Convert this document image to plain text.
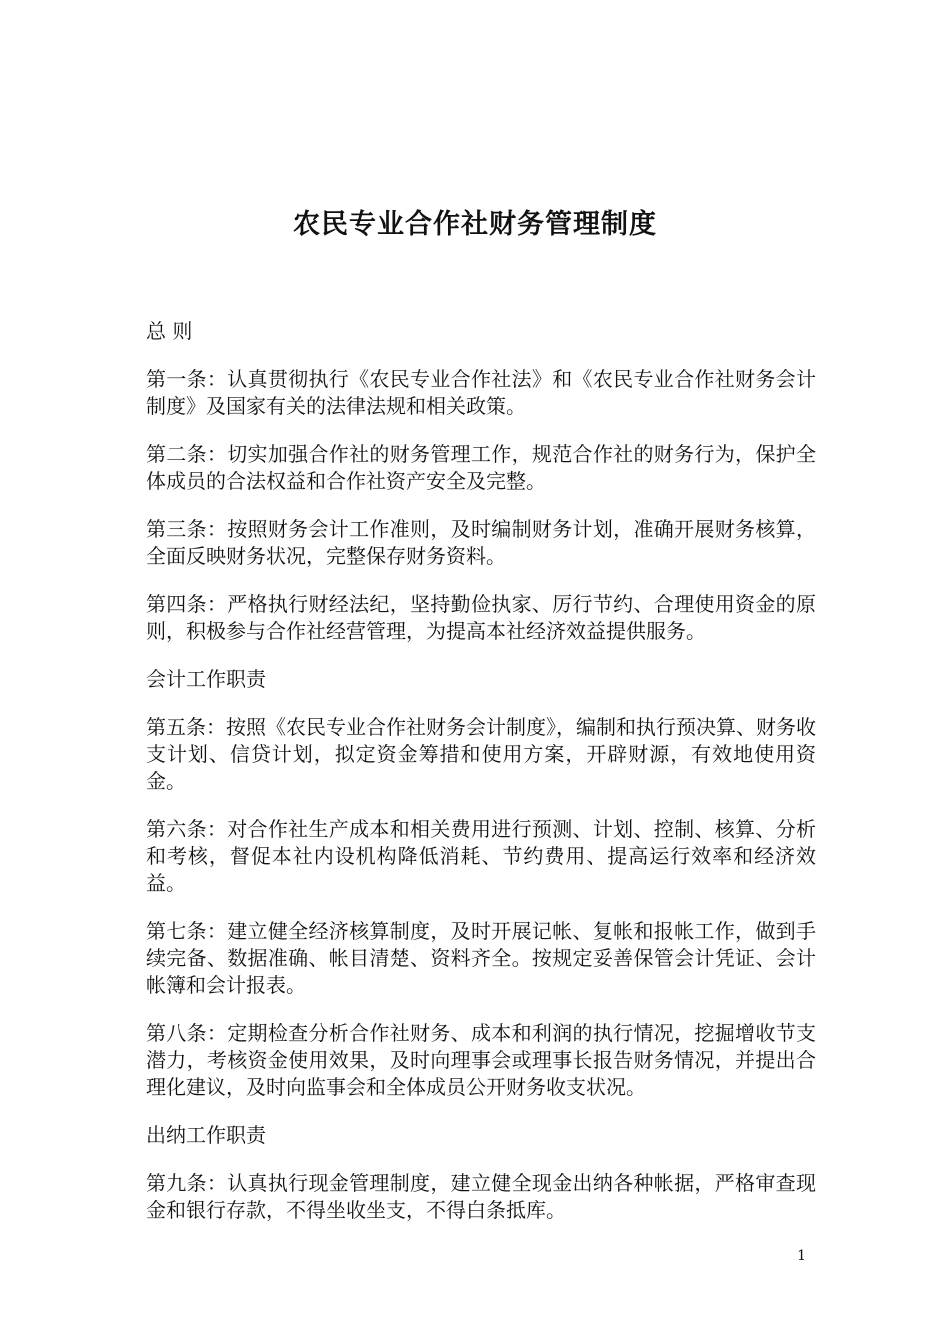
农民专业合作社财务管理制度

总 则

第一条：认真贯彻执行《农民专业合作社法》和《农民专业合作社财务会计制度》及国家有关的法律法规和相关政策。

第二条：切实加强合作社的财务管理工作，规范合作社的财务行为，保护全体成员的合法权益和合作社资产安全及完整。

第三条：按照财务会计工作准则，及时编制财务计划，准确开展财务核算，全面反映财务状况，完整保存财务资料。

第四条：严格执行财经法纪，坚持勤俭执家、厉行节约、合理使用资金的原则，积极参与合作社经营管理，为提高本社经济效益提供服务。

会计工作职责

第五条：按照《农民专业合作社财务会计制度》，编制和执行预决算、财务收支计划、信贷计划，拟定资金筹措和使用方案，开辟财源，有效地使用资金。

第六条：对合作社生产成本和相关费用进行预测、计划、控制、核算、分析和考核，督促本社内设机构降低消耗、节约费用、提高运行效率和经济效益。

第七条：建立健全经济核算制度，及时开展记帐、复帐和报帐工作，做到手续完备、数据准确、帐目清楚、资料齐全。按规定妥善保管会计凭证、会计帐簿和会计报表。

第八条：定期检查分析合作社财务、成本和利润的执行情况，挖掘增收节支潜力，考核资金使用效果，及时向理事会或理事长报告财务情况，并提出合理化建议，及时向监事会和全体成员公开财务收支状况。

出纳工作职责

第九条：认真执行现金管理制度，建立健全现金出纳各种帐据，严格审查现金和银行存款，不得坐收坐支，不得白条抵库。

1
